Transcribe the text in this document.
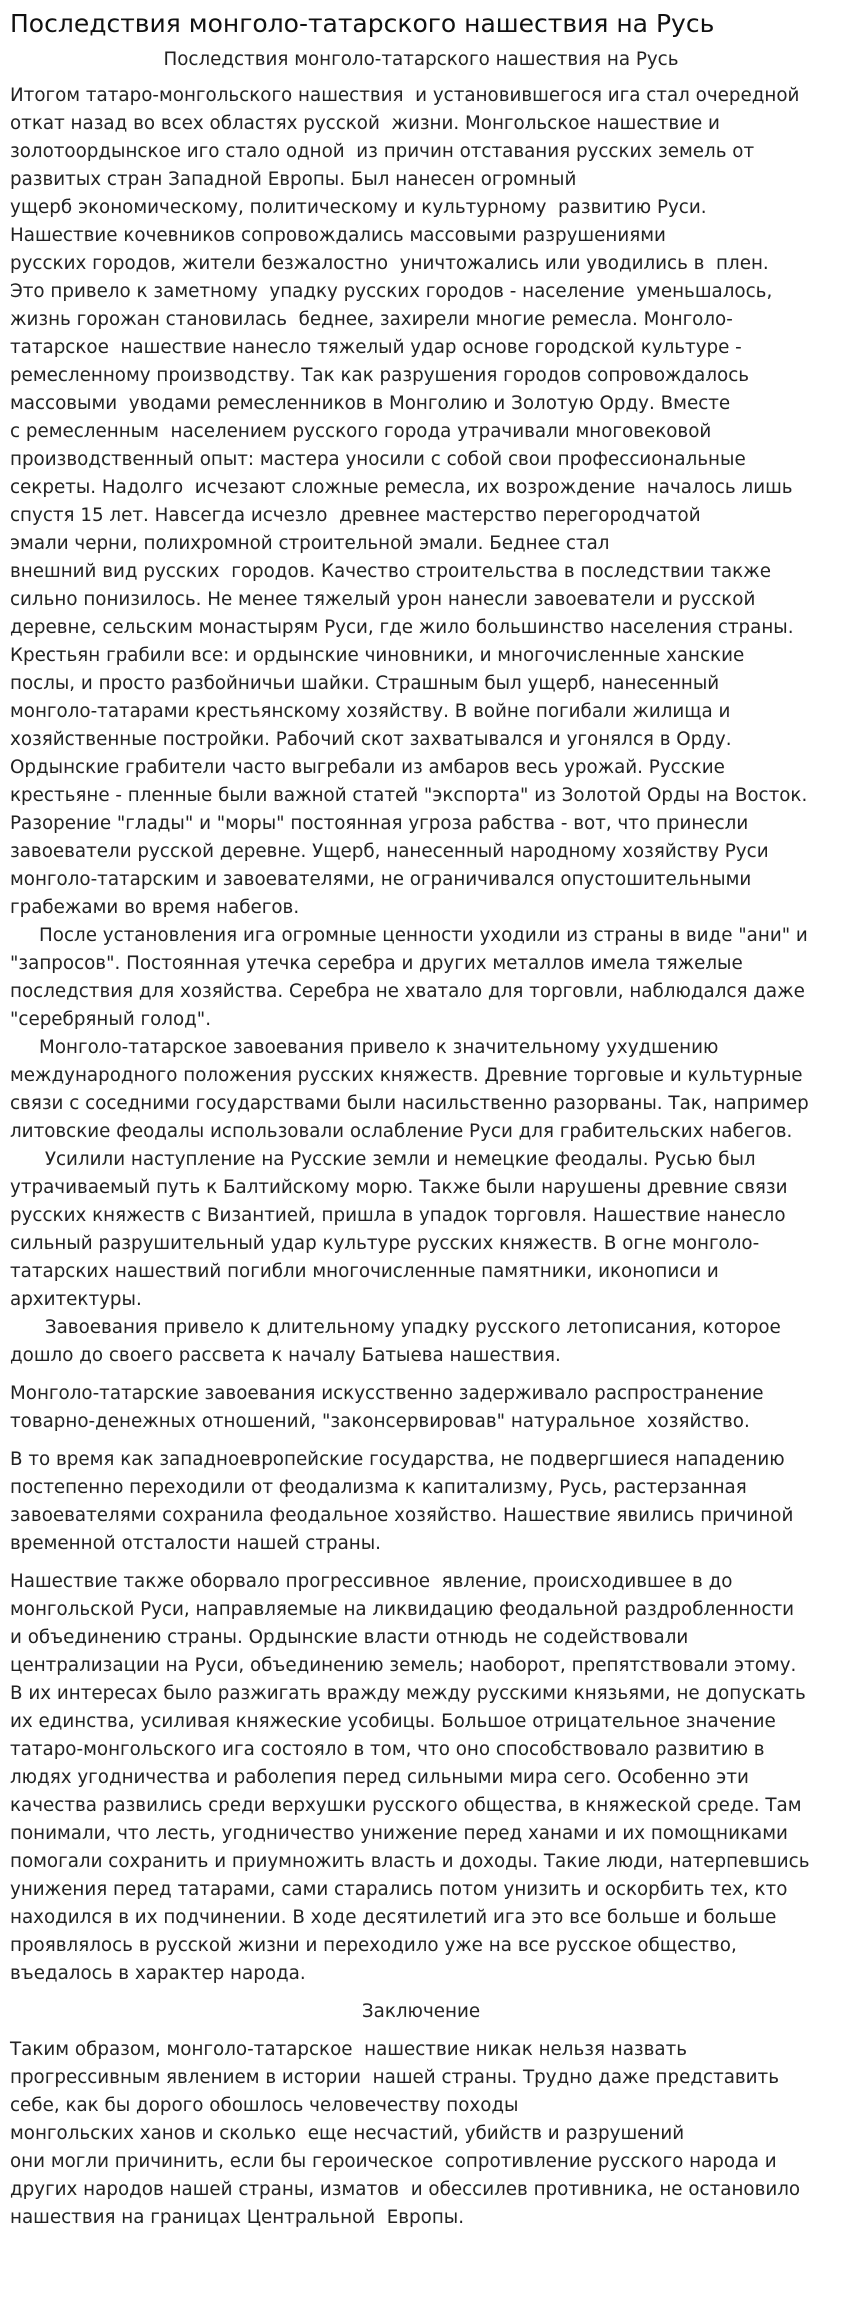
Последствия монголо-татарского нашествия на Русь
Последствия монголо-татарского нашествия на Русь
Итогом татаро-монгольского нашествия  и установившегося ига стал очередной
откат назад во всех областях русской  жизни. Монгольское нашествие и
золотоордынское иго стало одной  из причин отставания русских земель от
развитых стран Западной Европы. Был нанесен огромный
ущерб экономическому, политическому и культурному  развитию Руси.
Нашествие кочевников сопровождались массовыми разрушениями
русских городов, жители безжалостно  уничтожались или уводились в  плен.
Это привело к заметному  упадку русских городов - население  уменьшалось,
жизнь горожан становилась  беднее, захирели многие ремесла. Монголо-
татарское  нашествие нанесло тяжелый удар основе городской культуре -
ремесленному производству. Так как разрушения городов сопровождалось
массовыми  уводами ремесленников в Монголию и Золотую Орду. Вместе
с ремесленным  населением русского города утрачивали многовековой
производственный опыт: мастера уносили с собой свои профессиональные
секреты. Надолго  исчезают сложные ремесла, их возрождение  началось лишь
спустя 15 лет. Навсегда исчезло  древнее мастерство перегородчатой
эмали черни, полихромной строительной эмали. Беднее стал
внешний вид русских  городов. Качество строительства в последствии также
сильно понизилось. Не менее тяжелый урон нанесли завоеватели и русской
деревне, сельским монастырям Руси, где жило большинство населения страны.
Крестьян грабили все: и ордынские чиновники, и многочисленные ханские
послы, и просто разбойничьи шайки. Страшным был ущерб, нанесенный
монголо-татарами крестьянскому хозяйству. В войне погибали жилища и
хозяйственные постройки. Рабочий скот захватывался и угонялся в Орду.
Ордынские грабители часто выгребали из амбаров весь урожай. Русские
крестьяне - пленные были важной статей "экспорта" из Золотой Орды на Восток.
Разорение "глады" и "моры" постоянная угроза рабства - вот, что принесли
завоеватели русской деревне. Ущерб, нанесенный народному хозяйству Руси
монголо-татарским и завоевателями, не ограничивался опустошительными
грабежами во время набегов.
После установления ига огромные ценности уходили из страны в виде "ани" и
"запросов". Постоянная утечка серебра и других металлов имела тяжелые
последствия для хозяйства. Серебра не хватало для торговли, наблюдался даже
"серебряный голод".
Монголо-татарское завоевания привело к значительному ухудшению
международного положения русских княжеств. Древние торговые и культурные
связи с соседними государствами были насильственно разорваны. Так, например
литовские феодалы использовали ослабление Руси для грабительских набегов.
Усилили наступление на Русские земли и немецкие феодалы. Русью был
утрачиваемый путь к Балтийскому морю. Также были нарушены древние связи
русских княжеств с Византией, пришла в упадок торговля. Нашествие нанесло
сильный разрушительный удар культуре русских княжеств. В огне монголо-
татарских нашествий погибли многочисленные памятники, иконописи и
архитектуры.
Завоевания привело к длительному упадку русского летописания, которое
дошло до своего рассвета к началу Батыева нашествия.
Монголо-татарские завоевания искусственно задерживало распространение
товарно-денежных отношений, "законсервировав" натуральное  хозяйство.
В то время как западноевропейские государства, не подвергшиеся нападению
постепенно переходили от феодализма к капитализму, Русь, растерзанная
завоевателями сохранила феодальное хозяйство. Нашествие явились причиной
временной отсталости нашей страны.
Нашествие также оборвало прогрессивное  явление, происходившее в до
монгольской Руси, направляемые на ликвидацию феодальной раздробленности
и объединению страны. Ордынские власти отнюдь не содействовали
централизации на Руси, объединению земель; наоборот, препятствовали этому.
В их интересах было разжигать вражду между русскими князьями, не допускать
их единства, усиливая княжеские усобицы. Большое отрицательное значение
татаро-монгольского ига состояло в том, что оно способствовало развитию в
людях угодничества и раболепия перед сильными мира сего. Особенно эти
качества развились среди верхушки русского общества, в княжеской среде. Там
понимали, что лесть, угодничество унижение перед ханами и их помощниками
помогали сохранить и приумножить власть и доходы. Такие люди, натерпевшись
унижения перед татарами, сами старались потом унизить и оскорбить тех, кто
находился в их подчинении. В ходе десятилетий ига это все больше и больше
проявлялось в русской жизни и переходило уже на все русское общество,
въедалось в характер народа.
Заключение
Таким образом, монголо-татарское  нашествие никак нельзя назвать
прогрессивным явлением в истории  нашей страны. Трудно даже представить
себе, как бы дорого обошлось человечеству походы
монгольских ханов и сколько  еще несчастий, убийств и разрушений
они могли причинить, если бы героическое  сопротивление русского народа и
других народов нашей страны, изматов  и обессилев противника, не остановило
нашествия на границах Центральной  Европы.
